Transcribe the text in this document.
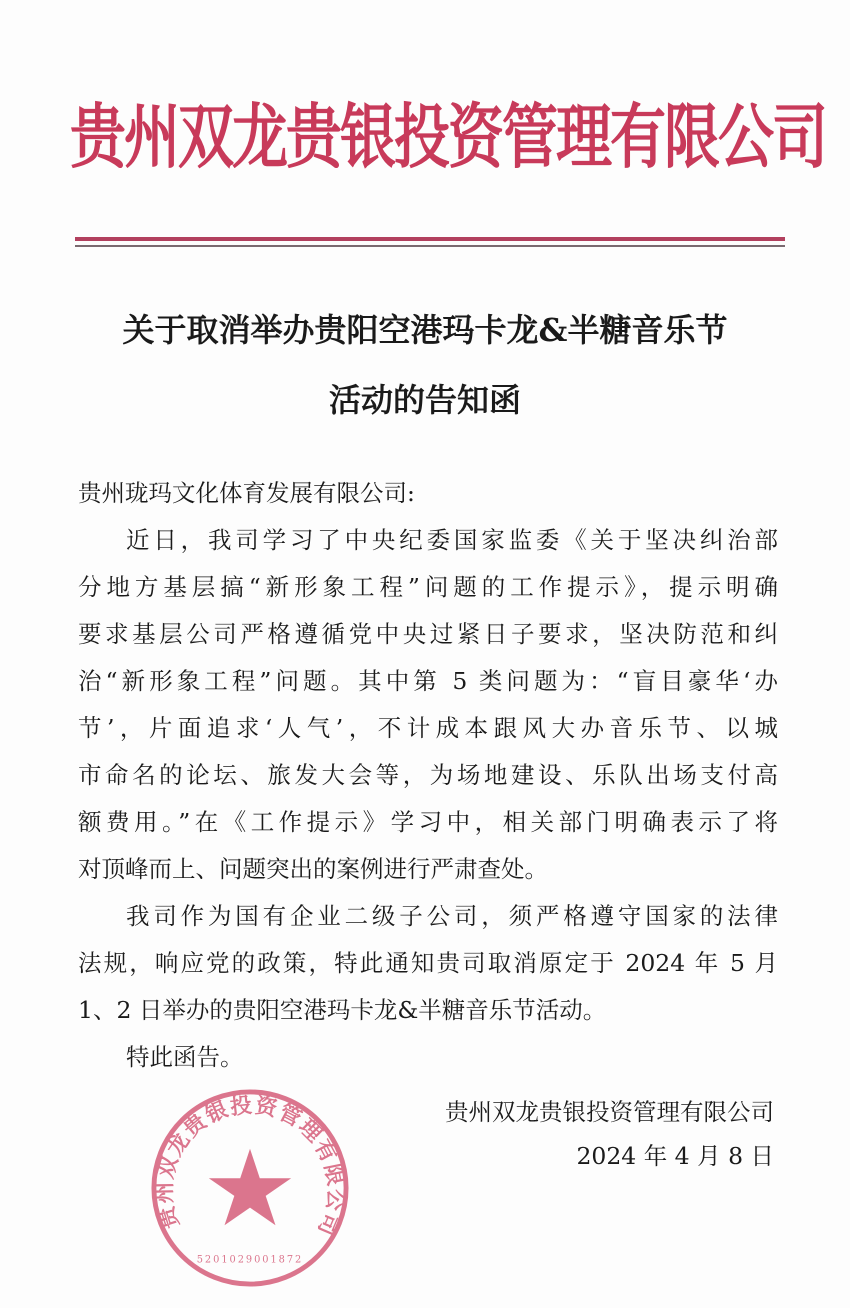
贵州双龙贵银投资管理有限公司
关于取消举办贵阳空港玛卡龙&半糖音乐节
活动的告知函
贵州珑玛文化体育发展有限公司:
近日，我司学习了中央纪委国家监委《关于坚决纠治部
分地方基层搞“新形象工程”问题的工作提示》，提示明确
要求基层公司严格遵循党中央过紧日子要求，坚决防范和纠
治“新形象工程”问题。其中第 5 类问题为：“盲目豪华‘办
节’，片面追求‘人气’，不计成本跟风大办音乐节、以城
市命名的论坛、旅发大会等，为场地建设、乐队出场支付高
额费用。”在《工作提示》学习中，相关部门明确表示了将
对顶峰而上、问题突出的案例进行严肃查处。
我司作为国有企业二级子公司，须严格遵守国家的法律
法规，响应党的政策，特此通知贵司取消原定于 2024 年 5 月
1、2 日举办的贵阳空港玛卡龙&半糖音乐节活动。
特此函告。
贵州双龙贵银投资管理有限公司
5201029001872
贵州双龙贵银投资管理有限公司
2024 年 4 月 8 日
